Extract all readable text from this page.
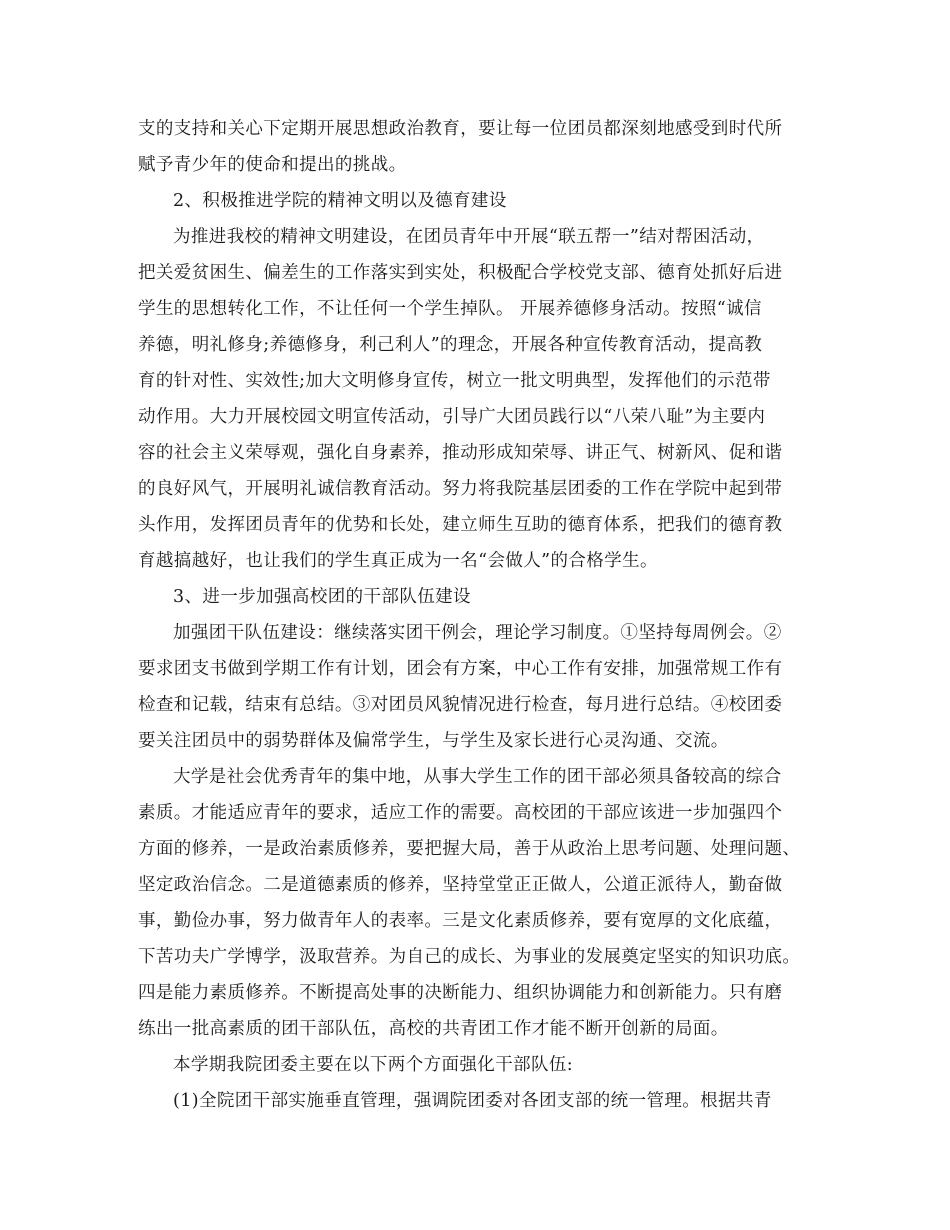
支的支持和关心下定期开展思想政治教育，要让每一位团员都深刻地感受到时代所
赋予青少年的使命和提出的挑战。
2、积极推进学院的精神文明以及德育建设
为推进我校的精神文明建设，在团员青年中开展“联五帮一”结对帮困活动，
把关爱贫困生、偏差生的工作落实到实处，积极配合学校党支部、德育处抓好后进
学生的思想转化工作，不让任何一个学生掉队。 开展养德修身活动。按照“诚信
养德，明礼修身;养德修身，利己利人”的理念，开展各种宣传教育活动，提高教
育的针对性、实效性;加大文明修身宣传，树立一批文明典型，发挥他们的示范带
动作用。大力开展校园文明宣传活动，引导广大团员践行以“八荣八耻”为主要内
容的社会主义荣辱观，强化自身素养，推动形成知荣辱、讲正气、树新风、促和谐
的良好风气，开展明礼诚信教育活动。努力将我院基层团委的工作在学院中起到带
头作用，发挥团员青年的优势和长处，建立师生互助的德育体系，把我们的德育教
育越搞越好，也让我们的学生真正成为一名“会做人”的合格学生。
3、进一步加强高校团的干部队伍建设
加强团干队伍建设：继续落实团干例会，理论学习制度。①坚持每周例会。②
要求团支书做到学期工作有计划，团会有方案，中心工作有安排，加强常规工作有
检查和记载，结束有总结。③对团员风貌情况进行检查，每月进行总结。④校团委
要关注团员中的弱势群体及偏常学生，与学生及家长进行心灵沟通、交流。
大学是社会优秀青年的集中地，从事大学生工作的团干部必须具备较高的综合
素质。才能适应青年的要求，适应工作的需要。高校团的干部应该进一步加强四个
方面的修养，一是政治素质修养，要把握大局，善于从政治上思考问题、处理问题、
坚定政治信念。二是道德素质的修养，坚持堂堂正正做人，公道正派待人，勤奋做
事，勤俭办事，努力做青年人的表率。三是文化素质修养，要有宽厚的文化底蕴，
下苦功夫广学博学，汲取营养。为自己的成长、为事业的发展奠定坚实的知识功底。
四是能力素质修养。不断提高处事的决断能力、组织协调能力和创新能力。只有磨
练出一批高素质的团干部队伍，高校的共青团工作才能不断开创新的局面。
本学期我院团委主要在以下两个方面强化干部队伍:
(1)全院团干部实施垂直管理，强调院团委对各团支部的统一管理。根据共青
